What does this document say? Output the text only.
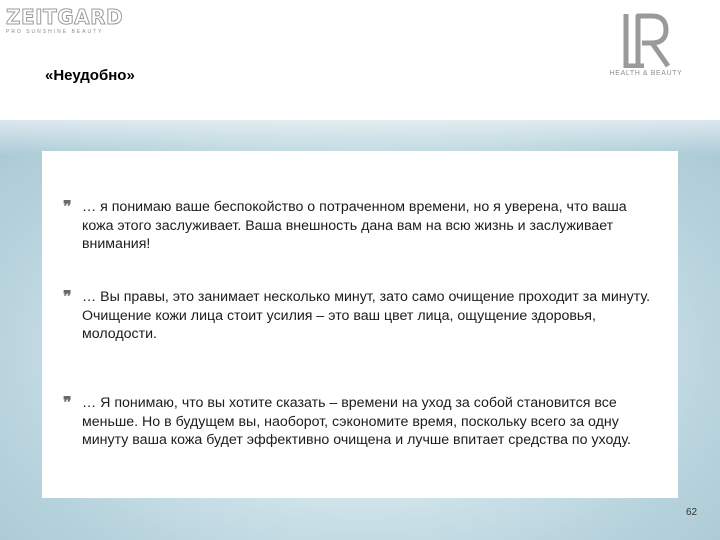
ZEITGARD
PRO SUNSHINE BEAUTY
HEALTH & BEAUTY
«Неудобно»
❞ … я понимаю ваше беспокойство о потраченном времени, но я уверена, что ваша кожа этого заслуживает. Ваша внешность дана вам на всю жизнь и заслуживает внимания!
❞ … Вы правы, это занимает несколько минут, зато само очищение проходит за минуту. Очищение кожи лица стоит усилия – это ваш цвет лица, ощущение здоровья, молодости.
❞ … Я понимаю, что вы хотите сказать – времени на уход за собой становится все меньше. Но в будущем вы, наоборот, сэкономите время, поскольку всего за одну минуту ваша кожа будет эффективно очищена и лучше впитает средства по уходу.
62
